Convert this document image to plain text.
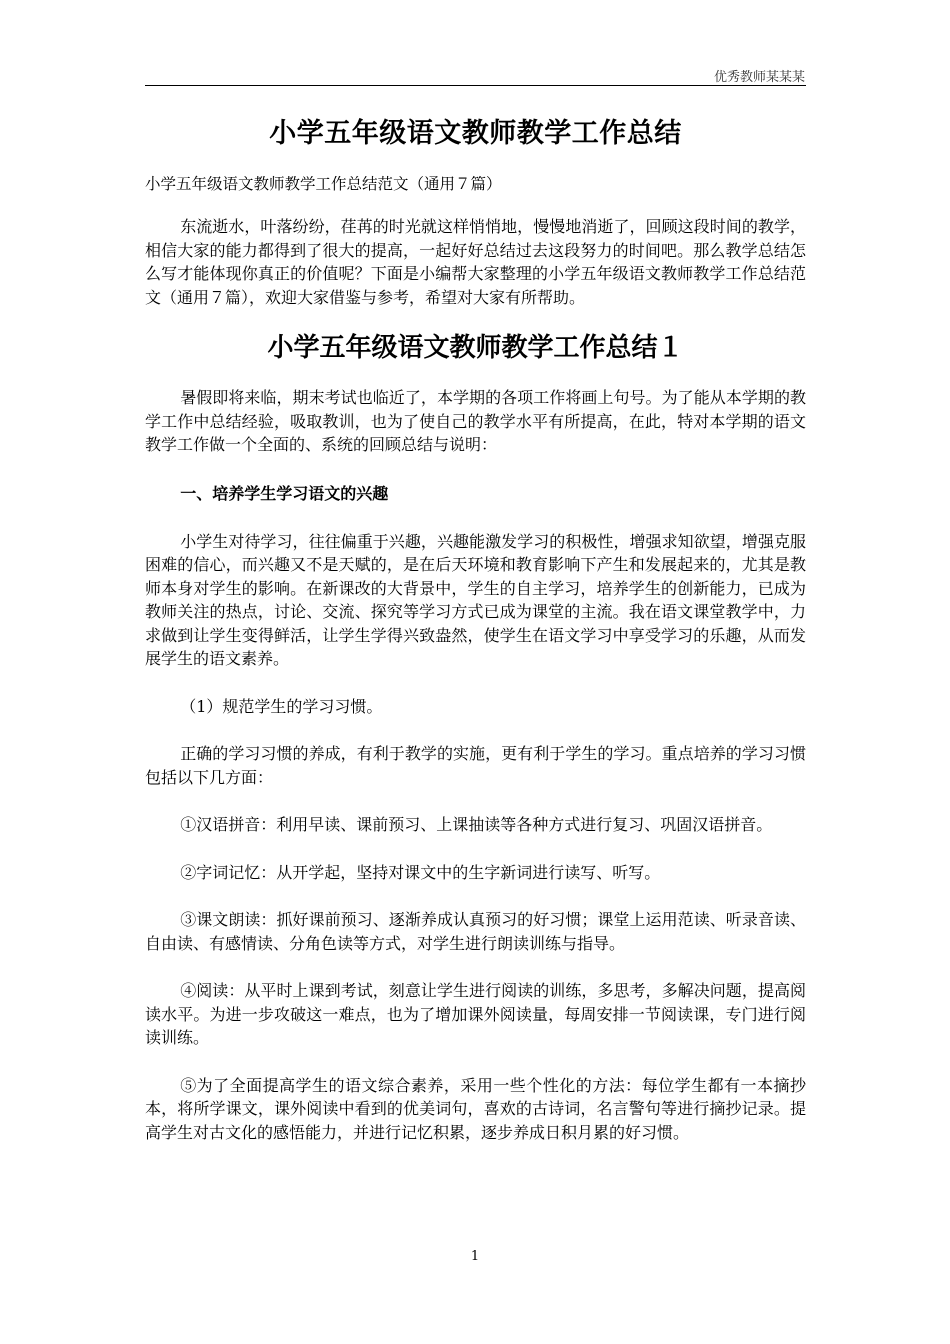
优秀教师某某某
小学五年级语文教师教学工作总结
小学五年级语文教师教学工作总结范文（通用７篇）

东流逝水，叶落纷纷，荏苒的时光就这样悄悄地，慢慢地消逝了，回顾这段时间的教学，相信大家的能力都得到了很大的提高，一起好好总结过去这段努力的时间吧。那么教学总结怎么写才能体现你真正的价值呢？下面是小编帮大家整理的小学五年级语文教师教学工作总结范文（通用７篇），欢迎大家借鉴与参考，希望对大家有所帮助。

小学五年级语文教师教学工作总结１

暑假即将来临，期末考试也临近了，本学期的各项工作将画上句号。为了能从本学期的教学工作中总结经验，吸取教训，也为了使自己的教学水平有所提高，在此，特对本学期的语文教学工作做一个全面的、系统的回顾总结与说明：

一、培养学生学习语文的兴趣

小学生对待学习，往往偏重于兴趣，兴趣能激发学习的积极性，增强求知欲望，增强克服困难的信心，而兴趣又不是天赋的，是在后天环境和教育影响下产生和发展起来的，尤其是教师本身对学生的影响。在新课改的大背景中，学生的自主学习，培养学生的创新能力，已成为教师关注的热点，讨论、交流、探究等学习方式已成为课堂的主流。我在语文课堂教学中，力求做到让学生变得鲜活，让学生学得兴致盎然，使学生在语文学习中享受学习的乐趣，从而发展学生的语文素养。

（1）规范学生的学习习惯。

正确的学习习惯的养成，有利于教学的实施，更有利于学生的学习。重点培养的学习习惯包括以下几方面：

①汉语拼音：利用早读、课前预习、上课抽读等各种方式进行复习、巩固汉语拼音。

②字词记忆：从开学起，坚持对课文中的生字新词进行读写、听写。

③课文朗读：抓好课前预习、逐渐养成认真预习的好习惯；课堂上运用范读、听录音读、自由读、有感情读、分角色读等方式，对学生进行朗读训练与指导。

④阅读：从平时上课到考试，刻意让学生进行阅读的训练，多思考，多解决问题，提高阅读水平。为进一步攻破这一难点，也为了增加课外阅读量，每周安排一节阅读课，专门进行阅读训练。

⑤为了全面提高学生的语文综合素养，采用一些个性化的方法：每位学生都有一本摘抄本，将所学课文，课外阅读中看到的优美词句，喜欢的古诗词，名言警句等进行摘抄记录。提高学生对古文化的感悟能力，并进行记忆积累，逐步养成日积月累的好习惯。

1
